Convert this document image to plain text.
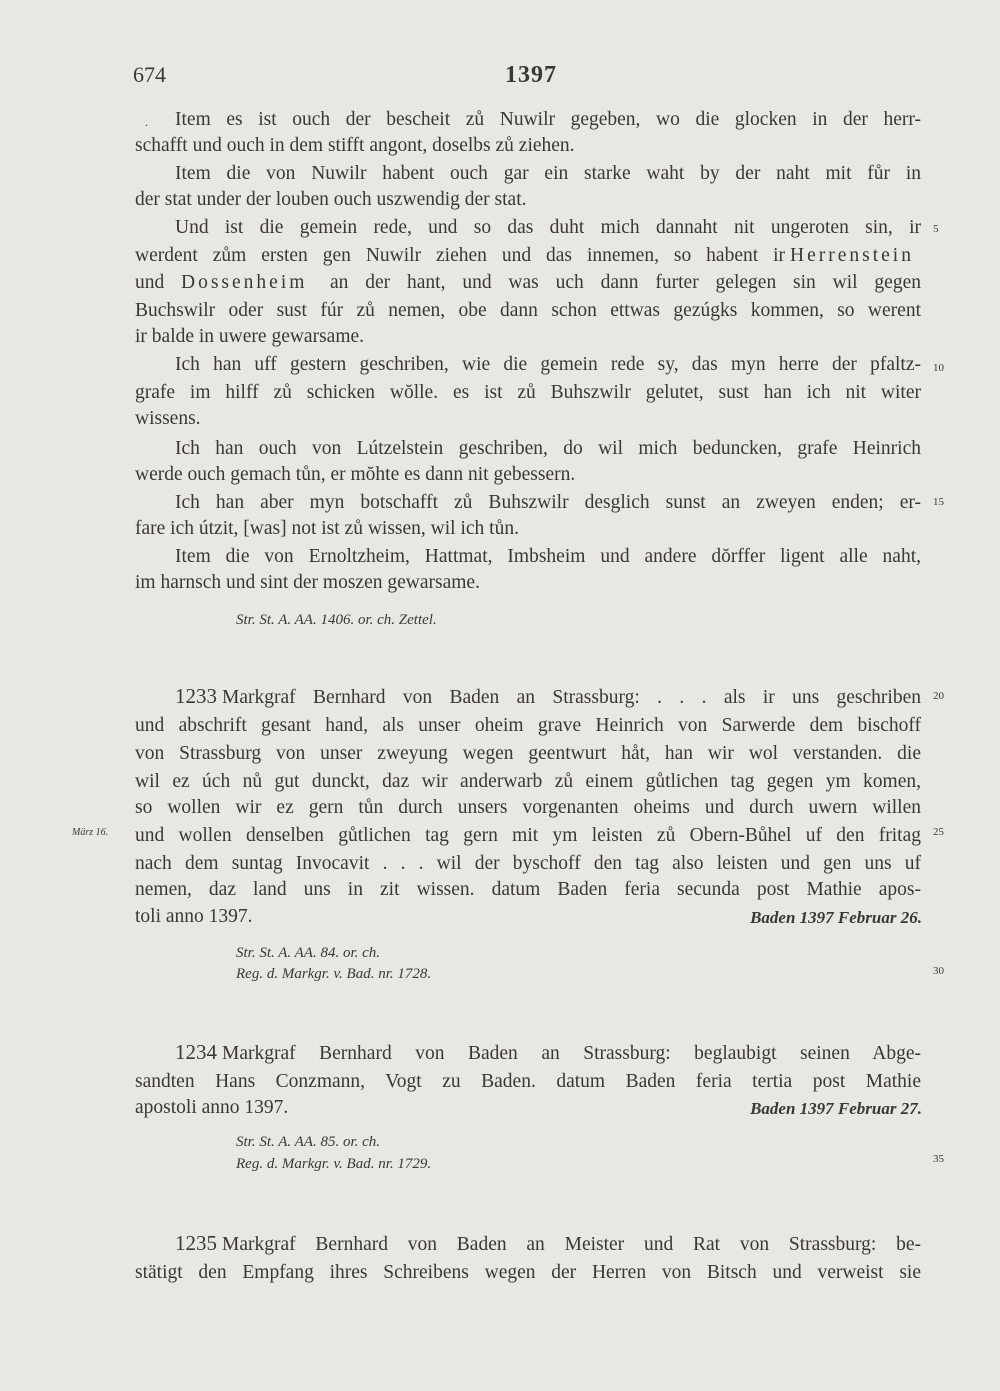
674	1397
. Item es ist ouch der bescheit zů Nuwilr gegeben, wo die glocken in der herr-
schafft und ouch in dem stifft angont, doselbs zů ziehen.
Item die von Nuwilr habent ouch gar ein starke waht by der naht mit fůr in
der stat under der louben ouch uszwendig der stat.
Und ist die gemein rede, und so das duht mich dannaht nit ungeroten sin, ir
werdent zům ersten gen Nuwilr ziehen und das innemen, so habent ir Herrenstein
und Dossenheim an der hant, und was uch dann furter gelegen sin wil gegen
Buchswilr oder sust fúr zů nemen, obe dann schon ettwas gezúgks kommen, so werent
ir balde in uwere gewarsame.
Ich han uff gestern geschriben, wie die gemein rede sy, das myn herre der pfaltz-
grafe im hilff zů schicken wŏlle. es ist zů Buhszwilr gelutet, sust han ich nit witer
wissens.
Ich han ouch von Lútzelstein geschriben, do wil mich beduncken, grafe Heinrich
werde ouch gemach tůn, er mŏhte es dann nit gebessern.
Ich han aber myn botschafft zů Buhszwilr desglich sunst an zweyen enden; er-
fare ich útzit, [was] not ist zů wissen, wil ich tůn.
Item die von Ernoltzheim, Hattmat, Imbsheim und andere dŏrffer ligent alle naht,
im harnsch und sint der moszen gewarsame.
Str. St. A. AA. 1406. or. ch. Zettel.
1233 Markgraf Bernhard von Baden an Strassburg: . . . als ir uns geschriben
und abschrift gesant hand, als unser oheim grave Heinrich von Sarwerde dem bischoff
von Strassburg von unser zweyung wegen geentwurt håt, han wir wol verstanden. die
wil ez úch nů gut dunckt, daz wir anderwarb zů einem gůtlichen tag gegen ym komen,
so wollen wir ez gern tůn durch unsers vorgenanten oheims und durch uwern willen
und wollen denselben gůtlichen tag gern mit ym leisten zů Obern-Bůhel uf den fritag
nach dem suntag Invocavit . . . wil der byschoff den tag also leisten und gen uns uf
nemen, daz land uns in zit wissen. datum Baden feria secunda post Mathie apos-
toli anno 1397.	Baden 1397 Februar 26.
März 16.
Str. St. A. AA. 84. or. ch.
Reg. d. Markgr. v. Bad. nr. 1728.
1234 Markgraf Bernhard von Baden an Strassburg: beglaubigt seinen Abge-
sandten Hans Conzmann, Vogt zu Baden. datum Baden feria tertia post Mathie
apostoli anno 1397.	Baden 1397 Februar 27.
Str. St. A. AA. 85. or. ch.
Reg. d. Markgr. v. Bad. nr. 1729.
1235 Markgraf Bernhard von Baden an Meister und Rat von Strassburg: be-
stätigt den Empfang ihres Schreibens wegen der Herren von Bitsch und verweist sie
5
10
15
20
25
30
35
